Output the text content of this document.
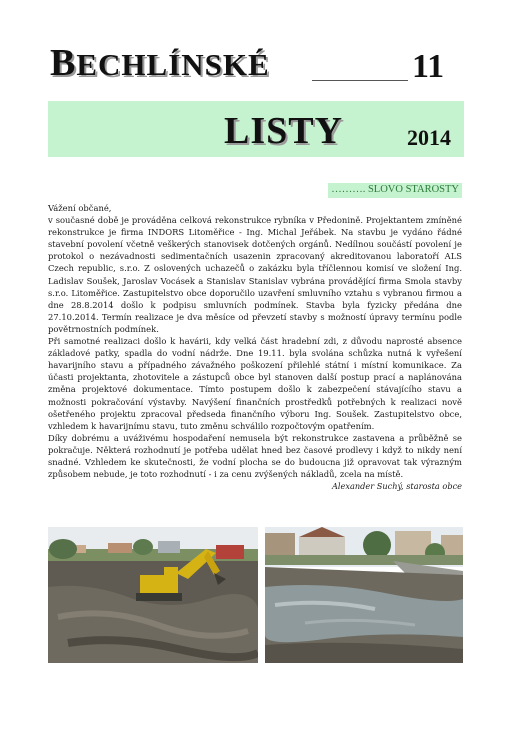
BECHLÍNSKÉ	11
LISTY	2014
………. SLOVO STAROSTY

Vážení občané,

v současné době je prováděna celková rekonstrukce rybníka v Předonině. Projektantem zmíněné rekonstrukce je firma INDORS Litoměřice - Ing. Michal Jeřábek. Na stavbu je vydáno řádné stavební povolení včetně veškerých stanovisek dotčených orgánů. Nedílnou součástí povolení je protokol o nezávadnosti sedimentačních usazenin zpracovaný akreditovanou laboratoří ALS Czech republic, s.r.o. Z oslovených uchazečů o zakázku byla tříčlennou komisí ve složení Ing. Ladislav Soušek, Jaroslav Vocásek a Stanislav Stanislav vybrána provádějící firma Smola stavby s.r.o. Litoměřice. Zastupitelstvo obce doporučilo uzavření smluvního vztahu s vybranou firmou a dne 28.8.2014 došlo k podpisu smluvních podmínek. Stavba byla fyzicky předána dne 27.10.2014. Termín realizace je dva měsíce od převzetí stavby s možností úpravy termínu podle povětrnostních podmínek.

Při samotné realizaci došlo k havárii, kdy velká část hradební zdi, z důvodu naprosté absence základové patky, spadla do vodní nádrže. Dne 19.11. byla svolána schůzka nutná k vyřešení havarijního stavu a případného závažného poškození přilehlé státní i místní komunikace. Za účasti projektanta, zhotovitele a zástupců obce byl stanoven další postup prací a naplánována změna projektové dokumentace. Tímto postupem došlo k zabezpečení stávajícího stavu a možnosti pokračování výstavby. Navýšení finančních prostředků potřebných k realizaci nově ošetřeného projektu zpracoval předseda finančního výboru Ing. Soušek. Zastupitelstvo obce, vzhledem k havarijnímu stavu, tuto změnu schválilo rozpočtovým opatřením.

Díky dobrému a uváživému hospodaření nemusela být rekonstrukce zastavena a průběžně se pokračuje. Některá rozhodnutí je potřeba udělat hned bez časové prodlevy i když to nikdy není snadné. Vzhledem ke skutečnosti, že vodní plocha se do budoucna již opravovat tak výrazným způsobem nebude, je toto rozhodnutí - i za cenu zvýšených nákladů, zcela na místě.

Alexander Suchý, starosta obce
